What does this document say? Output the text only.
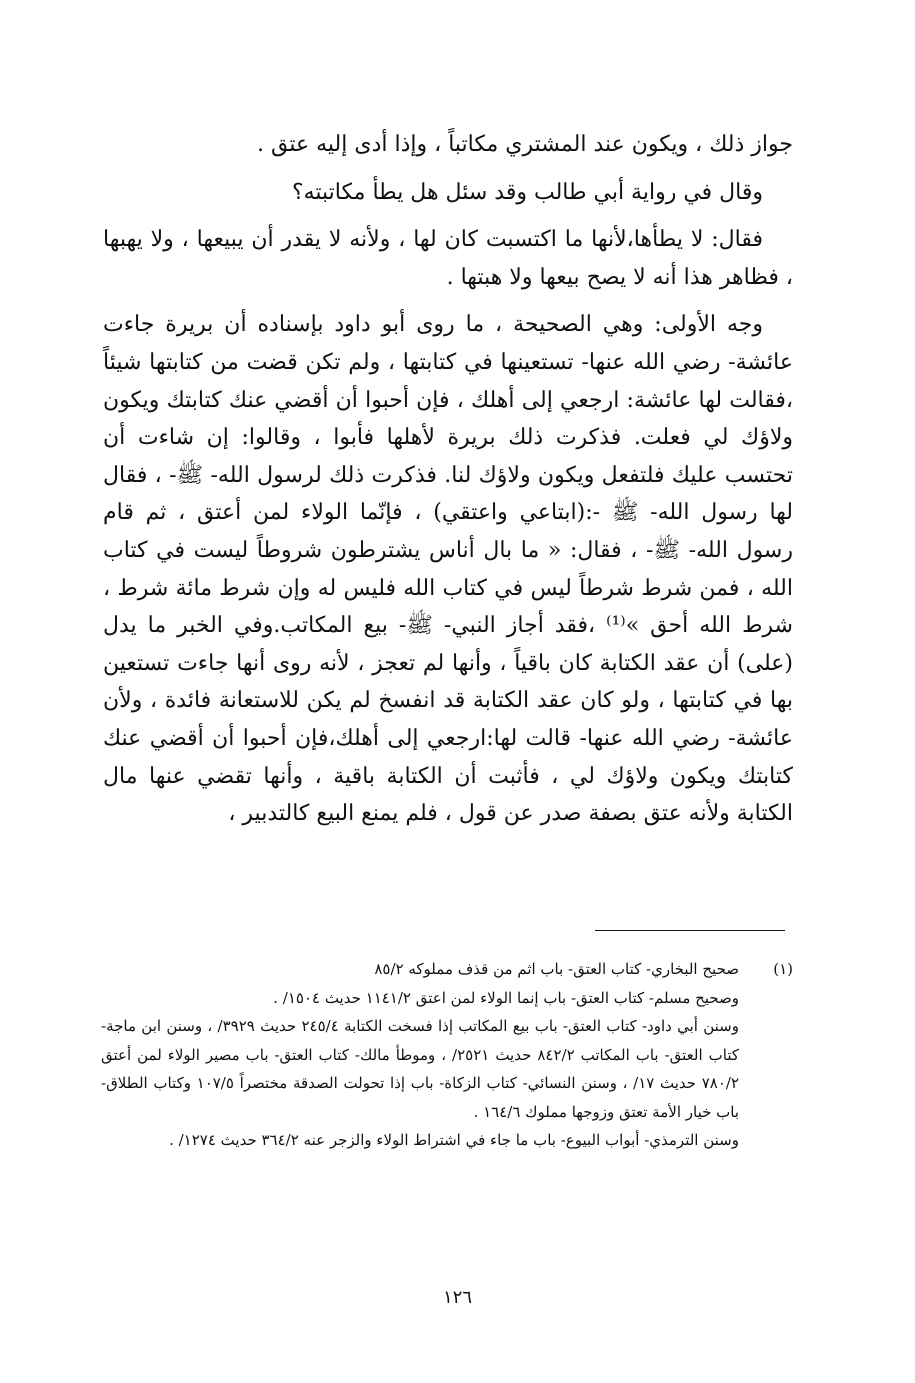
جواز ذلك ، ويكون عند المشتري مكاتباً ، وإذا أدى إليه عتق .

وقال في رواية أبي طالب وقد سئل هل يطأ مكاتبته؟

فقال: لا يطأها،لأنها ما اكتسبت كان لها ، ولأنه لا يقدر أن يبيعها ، ولا يهبها ، فظاهر هذا أنه لا يصح بيعها ولا هبتها .

وجه الأولى: وهي الصحيحة ، ما روى أبو داود بإسناده أن بريرة جاءت عائشة- رضي الله عنها- تستعينها في كتابتها ، ولم تكن قضت من كتابتها شيئاً ،فقالت لها عائشة: ارجعي إلى أهلك ، فإن أحبوا أن أقضي عنك كتابتك ويكون ولاؤك لي فعلت. فذكرت ذلك بريرة لأهلها فأبوا ، وقالوا: إن شاءت أن تحتسب عليك فلتفعل ويكون ولاؤك لنا. فذكرت ذلك لرسول الله- ﷺ- ، فقال لها رسول الله- ﷺ -:(ابتاعي واعتقي) ، فإنّما الولاء لمن أعتق ، ثم قام رسول الله- ﷺ- ، فقال: « ما بال أناس يشترطون شروطاً ليست في كتاب الله ، فمن شرط شرطاً ليس في كتاب الله فليس له وإن شرط مائة شرط ، شرط الله أحق »⁽¹⁾ ،فقد أجاز النبي- ﷺ- بيع المكاتب.وفي الخبر ما يدل (على) أن عقد الكتابة كان باقياً ، وأنها لم تعجز ، لأنه روى أنها جاءت تستعين بها في كتابتها ، ولو كان عقد الكتابة قد انفسخ لم يكن للاستعانة فائدة ، ولأن عائشة- رضي الله عنها- قالت لها:ارجعي إلى أهلك،فإن أحبوا أن أقضي عنك كتابتك ويكون ولاؤك لي ، فأثبت أن الكتابة باقية ، وأنها تقضي عنها مال الكتابة ولأنه عتق بصفة صدر عن قول ، فلم يمنع البيع كالتدبير ،

(١)

صحيح البخاري- كتاب العتق- باب اثم من قذف مملوكه ٨٥/٢

وصحيح مسلم- كتاب العتق- باب إنما الولاء لمن اعتق ١١٤١/٢ حديث ١٥٠٤/ .

وسنن أبي داود- كتاب العتق- باب بيع المكاتب إذا فسخت الكتابة ٢٤٥/٤ حديث ٣٩٢٩/ ، وسنن ابن ماجة- كتاب العتق- باب المكاتب ٨٤٢/٢ حديث ٢٥٢١/ ، وموطأ مالك- كتاب العتق- باب مصير الولاء لمن أعتق ٧٨٠/٢ حديث ١٧/ ، وسنن النسائي- كتاب الزكاة- باب إذا تحولت الصدقة مختصراً ١٠٧/٥ وكتاب الطلاق- باب خيار الأمة تعتق وزوجها مملوك ١٦٤/٦ .

وسنن الترمذي- أبواب البيوع- باب ما جاء في اشتراط الولاء والزجر عنه ٣٦٤/٢ حديث ١٢٧٤/ .

١٢٦
